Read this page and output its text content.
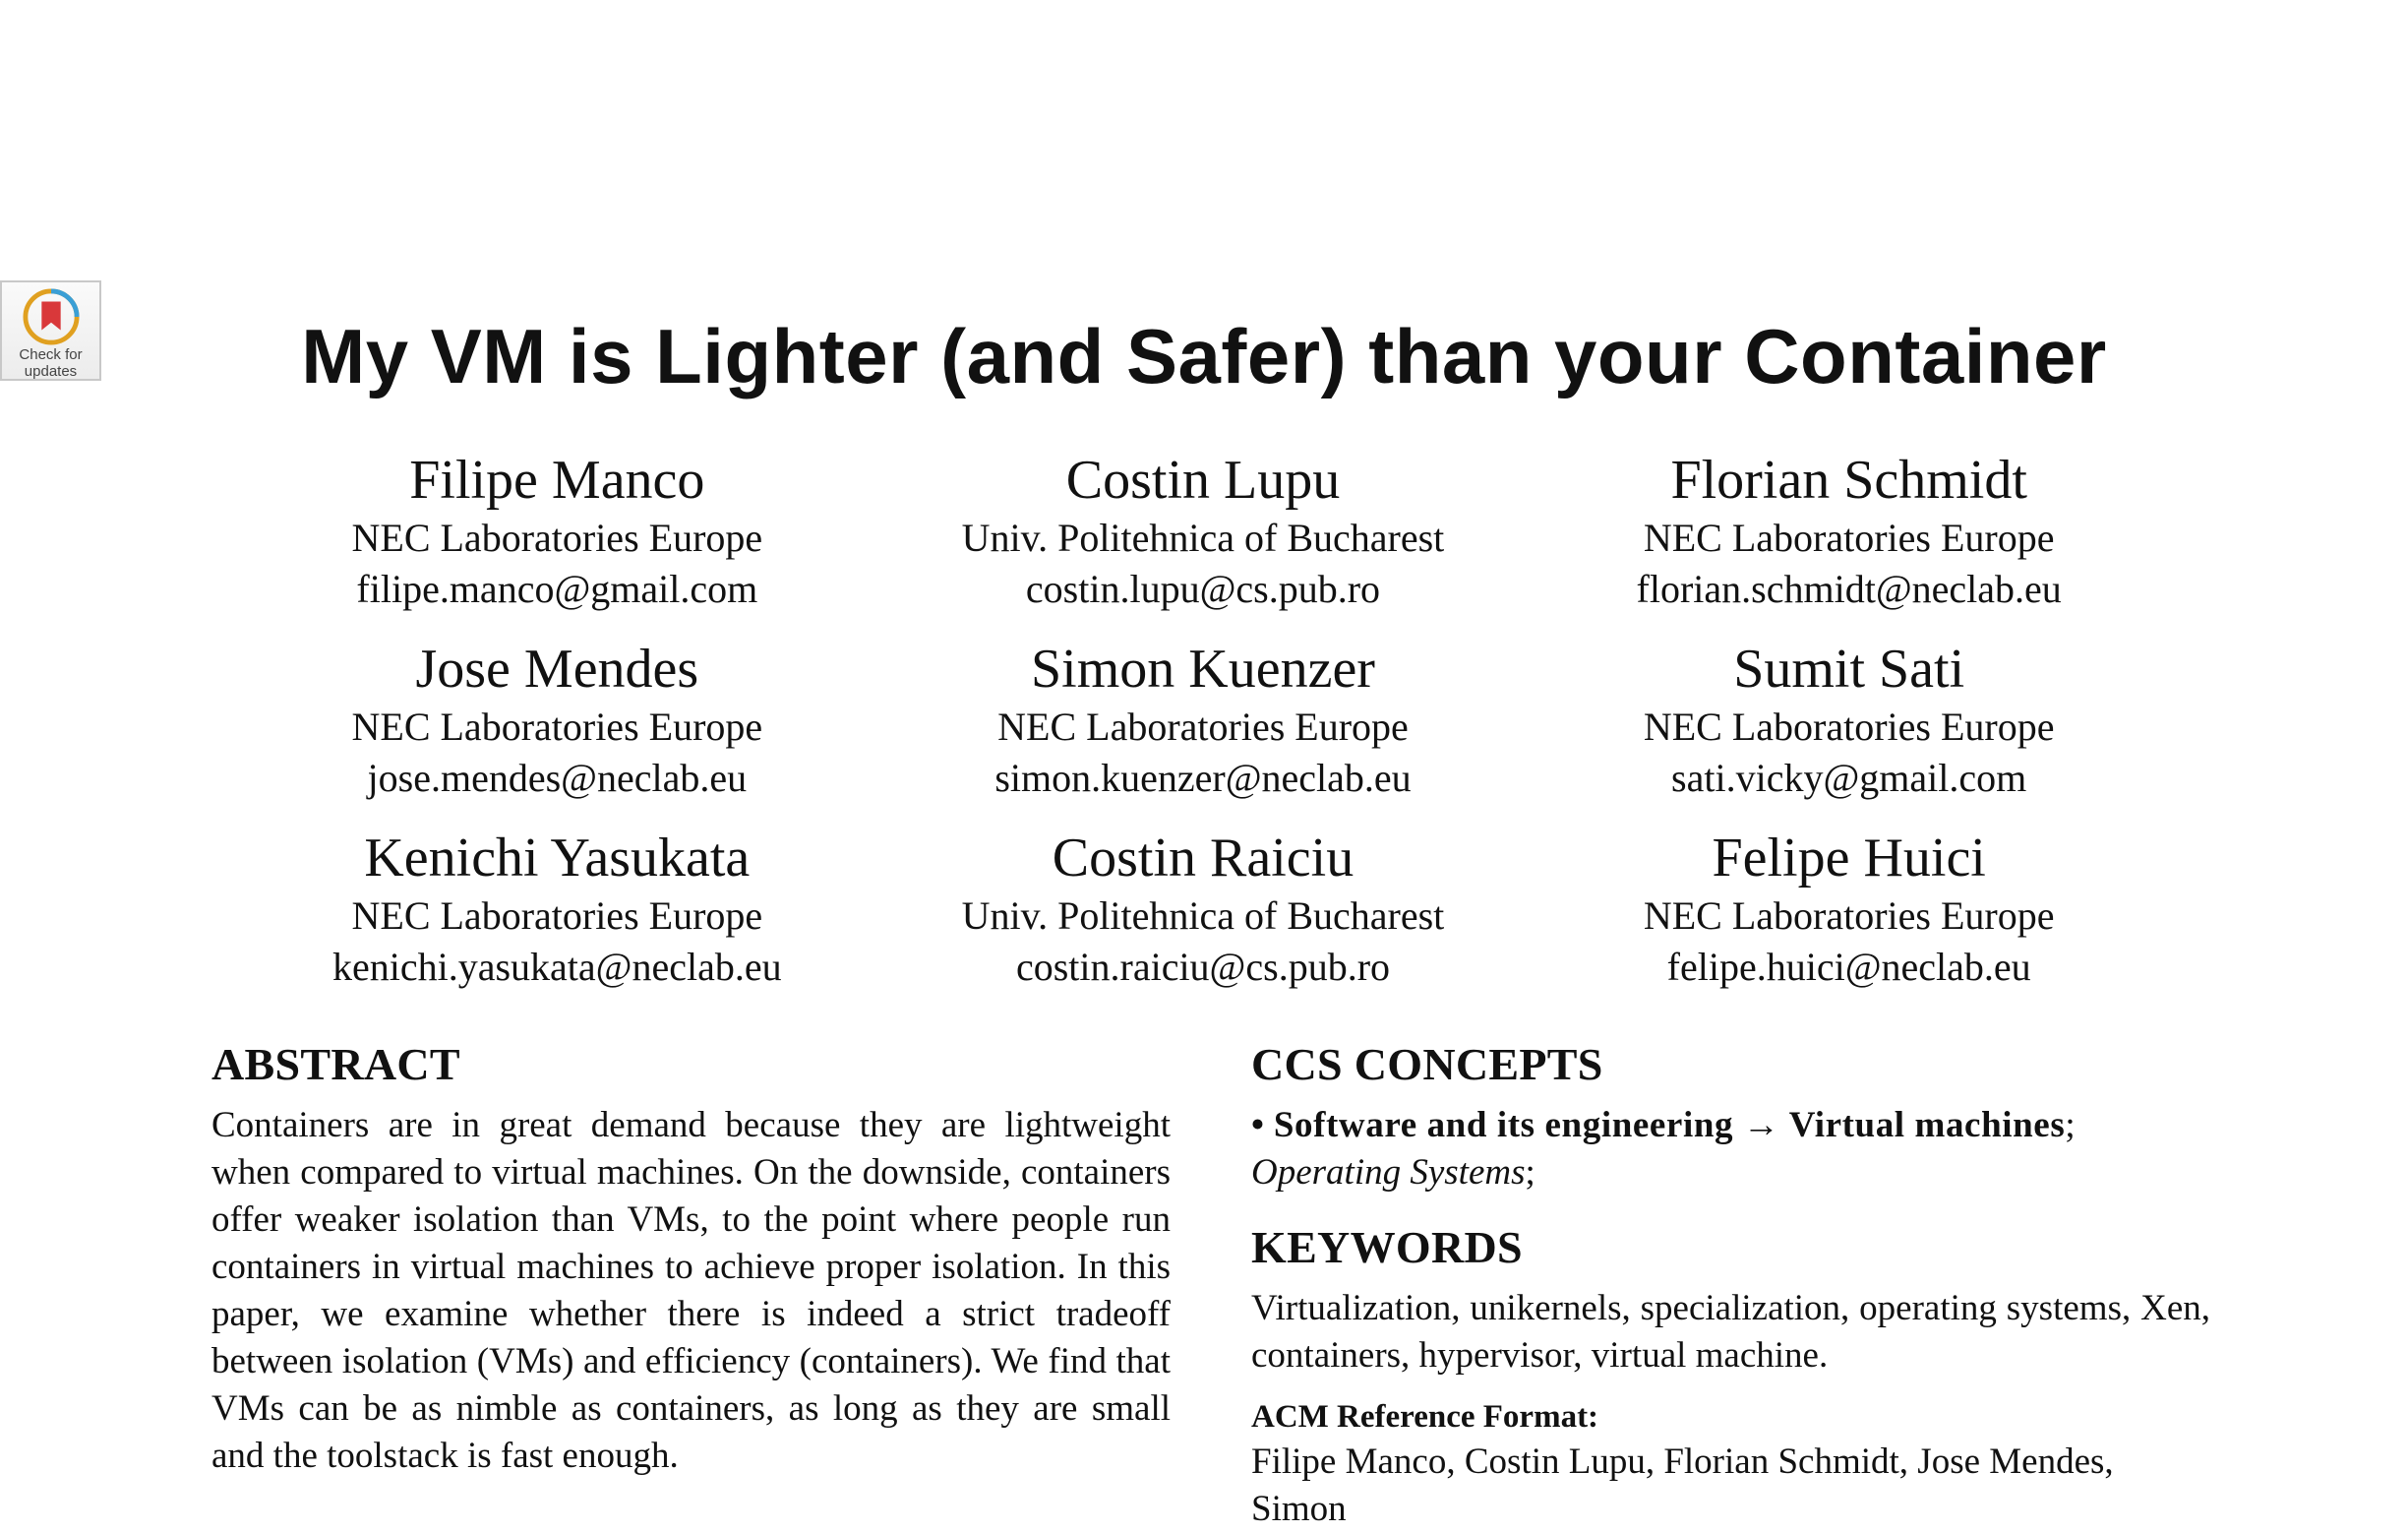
Check for
updates	My VM is Lighter (and Safer) than your Container
Filipe Manco
NEC Laboratories Europe
filipe.manco@gmail.com
Costin Lupu
Univ. Politehnica of Bucharest
costin.lupu@cs.pub.ro
Florian Schmidt
NEC Laboratories Europe
florian.schmidt@neclab.eu
Jose Mendes
NEC Laboratories Europe
jose.mendes@neclab.eu
Simon Kuenzer
NEC Laboratories Europe
simon.kuenzer@neclab.eu
Sumit Sati
NEC Laboratories Europe
sati.vicky@gmail.com
Kenichi Yasukata
NEC Laboratories Europe
kenichi.yasukata@neclab.eu
Costin Raiciu
Univ. Politehnica of Bucharest
costin.raiciu@cs.pub.ro
Felipe Huici
NEC Laboratories Europe
felipe.huici@neclab.eu
ABSTRACT

Containers are in great demand because they are lightweight when compared to virtual machines. On the downside, containers offer weaker isolation than VMs, to the point where people run containers in virtual machines to achieve proper isolation. In this paper, we examine whether there is indeed a strict tradeoff between isolation (VMs) and efficiency (containers). We find that VMs can be as nimble as containers, as long as they are small and the toolstack is fast enough.

CCS CONCEPTS

• Software and its engineering → Virtual machines;
Operating Systems;

KEYWORDS

Virtualization, unikernels, specialization, operating systems, Xen, containers, hypervisor, virtual machine.

ACM Reference Format:

Filipe Manco, Costin Lupu, Florian Schmidt, Jose Mendes, Simon
